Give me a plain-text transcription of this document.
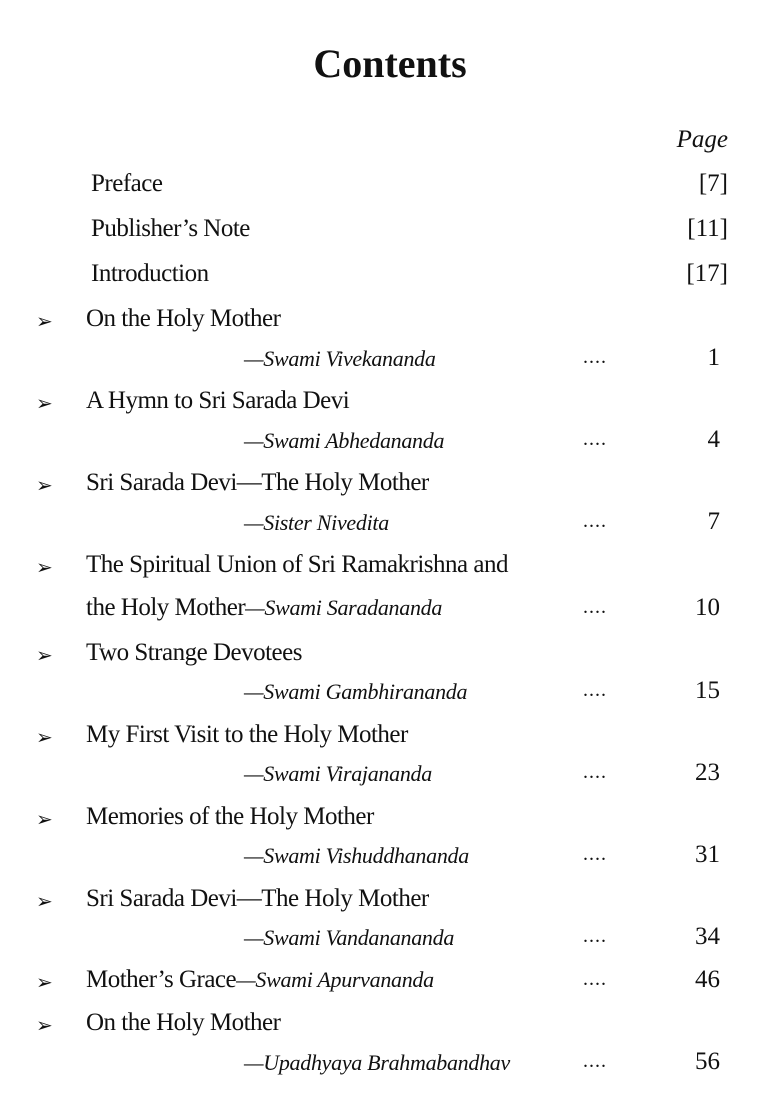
Contents
Page
Preface	[7]
Publisher’s Note	[11]
Introduction	[17]
➢ On the Holy Mother
—Swami Vivekananda	....	1
➢ A Hymn to Sri Sarada Devi
—Swami Abhedananda	....	4
➢ Sri Sarada Devi—The Holy Mother
—Sister Nivedita	....	7
➢ The Spiritual Union of Sri Ramakrishna and
the Holy Mother—Swami Saradananda	....	10
➢ Two Strange Devotees
—Swami Gambhirananda	....	15
➢ My First Visit to the Holy Mother
—Swami Virajananda	....	23
➢ Memories of the Holy Mother
—Swami Vishuddhananda	....	31
➢ Sri Sarada Devi—The Holy Mother
—Swami Vandanananda	....	34
➢ Mother’s Grace—Swami Apurvananda	....	46
➢ On the Holy Mother
—Upadhyaya Brahmabandhav	....	56
